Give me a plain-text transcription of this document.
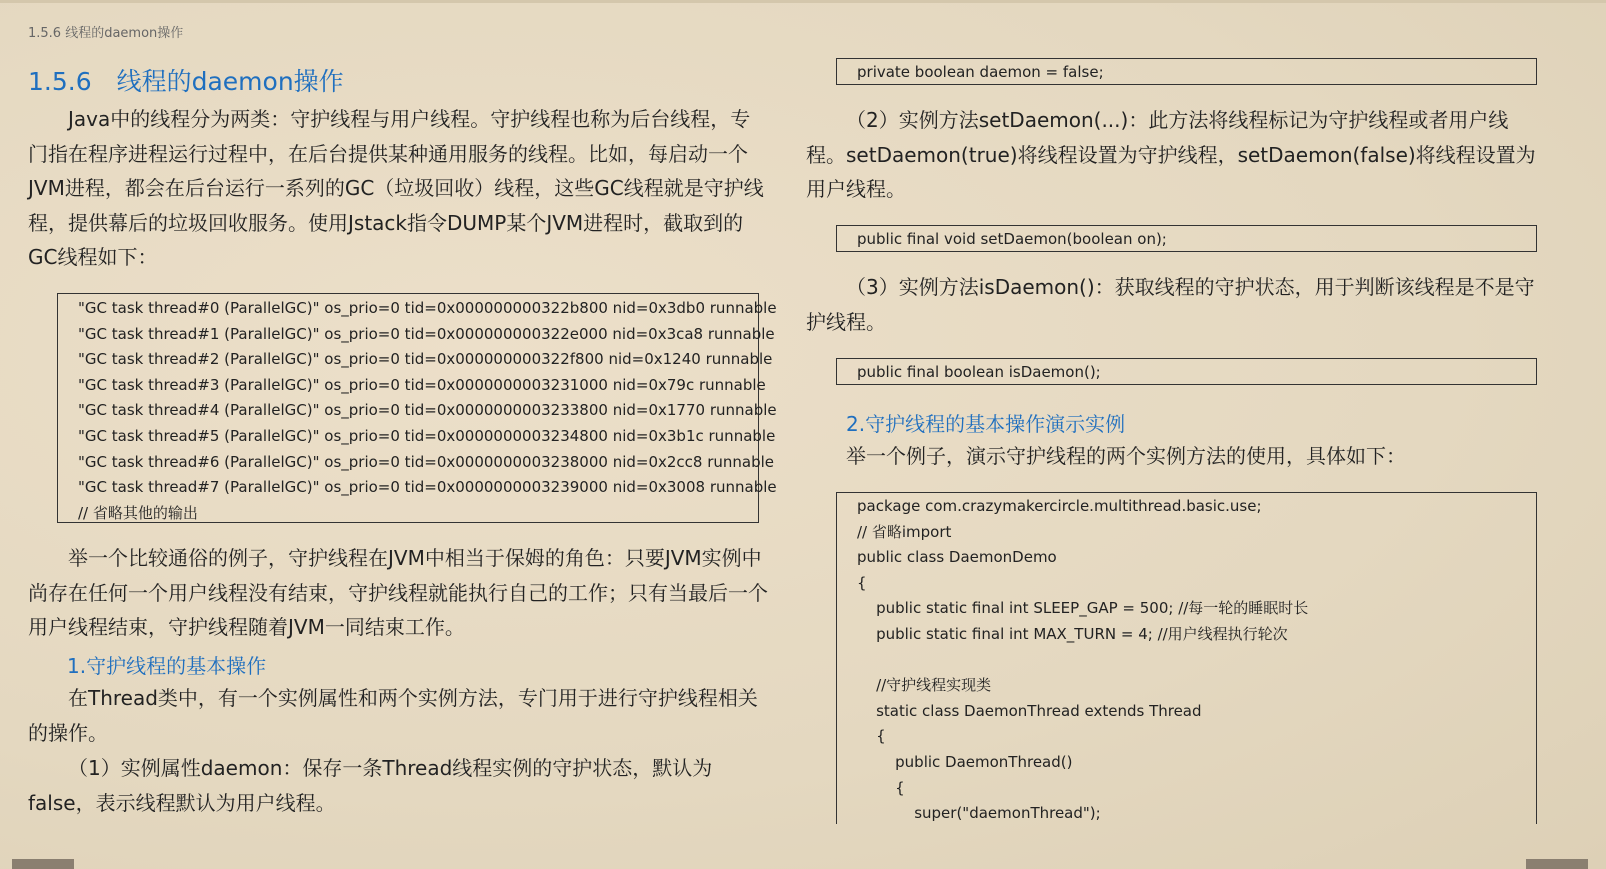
1.5.6 线程的daemon操作
1.5.6　线程的daemon操作

Java中的线程分为两类：守护线程与用户线程。守护线程也称为后台线程，专门指在程序进程运行过程中，在后台提供某种通用服务的线程。比如，每启动一个JVM进程，都会在后台运行一系列的GC（垃圾回收）线程，这些GC线程就是守护线程，提供幕后的垃圾回收服务。使用Jstack指令DUMP某个JVM进程时，截取到的GC线程如下：

"GC task thread#0 (ParallelGC)" os_prio=0 tid=0x000000000322b800 nid=0x3db0 runnable
"GC task thread#1 (ParallelGC)" os_prio=0 tid=0x000000000322e000 nid=0x3ca8 runnable
"GC task thread#2 (ParallelGC)" os_prio=0 tid=0x000000000322f800 nid=0x1240 runnable
"GC task thread#3 (ParallelGC)" os_prio=0 tid=0x0000000003231000 nid=0x79c runnable
"GC task thread#4 (ParallelGC)" os_prio=0 tid=0x0000000003233800 nid=0x1770 runnable
"GC task thread#5 (ParallelGC)" os_prio=0 tid=0x0000000003234800 nid=0x3b1c runnable
"GC task thread#6 (ParallelGC)" os_prio=0 tid=0x0000000003238000 nid=0x2cc8 runnable
"GC task thread#7 (ParallelGC)" os_prio=0 tid=0x0000000003239000 nid=0x3008 runnable
// 省略其他的输出

举一个比较通俗的例子，守护线程在JVM中相当于保姆的角色：只要JVM实例中尚存在任何一个用户线程没有结束，守护线程就能执行自己的工作；只有当最后一个用户线程结束，守护线程随着JVM一同结束工作。

1.守护线程的基本操作

在Thread类中，有一个实例属性和两个实例方法，专门用于进行守护线程相关的操作。

（1）实例属性daemon：保存一条Thread线程实例的守护状态，默认为false，表示线程默认为用户线程。

private boolean daemon = false;

（2）实例方法setDaemon(...)：此方法将线程标记为守护线程或者用户线程。setDaemon(true)将线程设置为守护线程，setDaemon(false)将线程设置为用户线程。

public final void setDaemon(boolean on);

（3）实例方法isDaemon()：获取线程的守护状态，用于判断该线程是不是守护线程。

public final boolean isDaemon();
2.守护线程的基本操作演示实例

举一个例子，演示守护线程的两个实例方法的使用，具体如下：

package com.crazymakercircle.multithread.basic.use;
// 省略import
public class DaemonDemo
{
public static final int SLEEP_GAP = 500; //每一轮的睡眠时长
public static final int MAX_TURN = 4; //用户线程执行轮次
//守护线程实现类
static class DaemonThread extends Thread
{
public DaemonThread()
{
super("daemonThread");
